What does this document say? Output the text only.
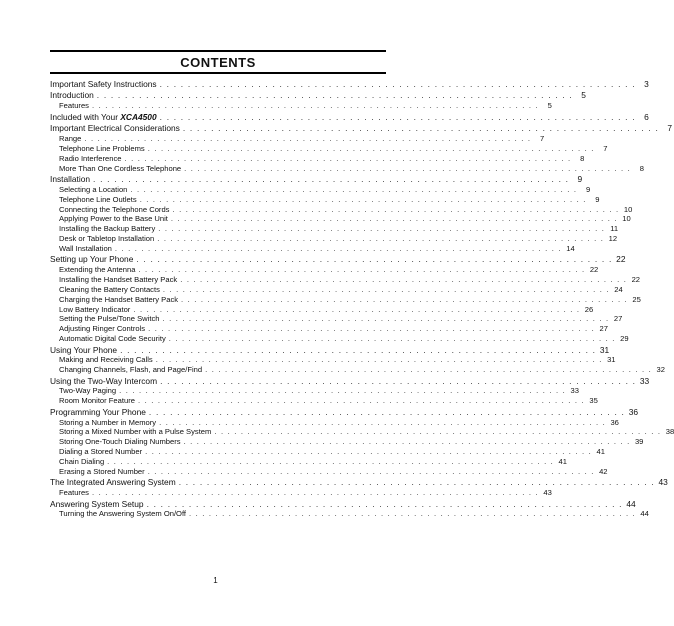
CONTENTS
Important Safety Instructions . . . . . . . . . . . . . . . . . . . . . . . . . . . . . . . . . . . . . . . . . . . . . . . . . . . . . . . . . . . . . . . . . . . . 3
Introduction . . . . . . . . . . . . . . . . . . . . . . . . . . . . . . . . . . . . . . . . . . . . . . . . . . . . . . . . . . . . . . . . . . . . 5
Features . . . . . . . . . . . . . . . . . . . . . . . . . . . . . . . . . . . . . . . . . . . . . . . . . . . . . . . . . . . . . . . . . . . .	5
Included with Your XCA4500 . . . . . . . . . . . . . . . . . . . . . . . . . . . . . . . . . . . . . . . . . . . . . . . . . . . . . . . . . . . . . . . . . . . . 6
Important Electrical Considerations . . . . . . . . . . . . . . . . . . . . . . . . . . . . . . . . . . . . . . . . . . . . . . . . . . . . . . . . . . . . . . . . . . . . 7
Range . . . . . . . . . . . . . . . . . . . . . . . . . . . . . . . . . . . . . . . . . . . . . . . . . . . . . . . . . . . . . . . . . . . .	7
Telephone Line Problems . . . . . . . . . . . . . . . . . . . . . . . . . . . . . . . . . . . . . . . . . . . . . . . . . . . . . . . . . . . . . . . . . . . .	7
Radio Interference . . . . . . . . . . . . . . . . . . . . . . . . . . . . . . . . . . . . . . . . . . . . . . . . . . . . . . . . . . . . . . . . . . . .	8
More Than One Cordless Telephone . . . . . . . . . . . . . . . . . . . . . . . . . . . . . . . . . . . . . . . . . . . . . . . . . . . . . . . . . . . . . . . . . . . .	8
Installation . . . . . . . . . . . . . . . . . . . . . . . . . . . . . . . . . . . . . . . . . . . . . . . . . . . . . . . . . . . . . . . . . . . . 9
Selecting a Location . . . . . . . . . . . . . . . . . . . . . . . . . . . . . . . . . . . . . . . . . . . . . . . . . . . . . . . . . . . . . . . . . . . .	9
Telephone Line Outlets . . . . . . . . . . . . . . . . . . . . . . . . . . . . . . . . . . . . . . . . . . . . . . . . . . . . . . . . . . . . . . . . . . . .	9
Connecting the Telephone Cords . . . . . . . . . . . . . . . . . . . . . . . . . . . . . . . . . . . . . . . . . . . . . . . . . . . . . . . . . . . . . . . . . . . . 10
Applying Power to the Base Unit . . . . . . . . . . . . . . . . . . . . . . . . . . . . . . . . . . . . . . . . . . . . . . . . . . . . . . . . . . . . . . . . . . . . 10
Installing the Backup Battery . . . . . . . . . . . . . . . . . . . . . . . . . . . . . . . . . . . . . . . . . . . . . . . . . . . . . . . . . . . . . . . . . . . . 11
Desk or Tabletop Installation . . . . . . . . . . . . . . . . . . . . . . . . . . . . . . . . . . . . . . . . . . . . . . . . . . . . . . . . . . . . . . . . . . . . 12
Wall Installation . . . . . . . . . . . . . . . . . . . . . . . . . . . . . . . . . . . . . . . . . . . . . . . . . . . . . . . . . . . . . . . . . . . . 14
Setting up Your Phone . . . . . . . . . . . . . . . . . . . . . . . . . . . . . . . . . . . . . . . . . . . . . . . . . . . . . . . . . . . . . . . . . . . . 22
Extending the Antenna . . . . . . . . . . . . . . . . . . . . . . . . . . . . . . . . . . . . . . . . . . . . . . . . . . . . . . . . . . . . . . . . . . . . 22
Installing the Handset Battery Pack . . . . . . . . . . . . . . . . . . . . . . . . . . . . . . . . . . . . . . . . . . . . . . . . . . . . . . . . . . . . . . . . . . . . 22
Cleaning the Battery Contacts . . . . . . . . . . . . . . . . . . . . . . . . . . . . . . . . . . . . . . . . . . . . . . . . . . . . . . . . . . . . . . . . . . . . 24
Charging the Handset Battery Pack . . . . . . . . . . . . . . . . . . . . . . . . . . . . . . . . . . . . . . . . . . . . . . . . . . . . . . . . . . . . . . . . . . . . 25
Low Battery Indicator . . . . . . . . . . . . . . . . . . . . . . . . . . . . . . . . . . . . . . . . . . . . . . . . . . . . . . . . . . . . . . . . . . . . 26
Setting the Pulse/Tone Switch . . . . . . . . . . . . . . . . . . . . . . . . . . . . . . . . . . . . . . . . . . . . . . . . . . . . . . . . . . . . . . . . . . . . 27
Adjusting Ringer Controls . . . . . . . . . . . . . . . . . . . . . . . . . . . . . . . . . . . . . . . . . . . . . . . . . . . . . . . . . . . . . . . . . . . . 27
Automatic Digital Code Security . . . . . . . . . . . . . . . . . . . . . . . . . . . . . . . . . . . . . . . . . . . . . . . . . . . . . . . . . . . . . . . . . . . . 29
Using Your Phone . . . . . . . . . . . . . . . . . . . . . . . . . . . . . . . . . . . . . . . . . . . . . . . . . . . . . . . . . . . . . . . . . . . . 31
Making and Receiving Calls . . . . . . . . . . . . . . . . . . . . . . . . . . . . . . . . . . . . . . . . . . . . . . . . . . . . . . . . . . . . . . . . . . . . 31
Changing Channels, Flash, and Page/Find . . . . . . . . . . . . . . . . . . . . . . . . . . . . . . . . . . . . . . . . . . . . . . . . . . . . . . . . . . . . . . . . . . . . 32
Using the Two-Way Intercom . . . . . . . . . . . . . . . . . . . . . . . . . . . . . . . . . . . . . . . . . . . . . . . . . . . . . . . . . . . . . . . . . . . . 33
Two-Way Paging . . . . . . . . . . . . . . . . . . . . . . . . . . . . . . . . . . . . . . . . . . . . . . . . . . . . . . . . . . . . . . . . . . . . 33
Room Monitor Feature . . . . . . . . . . . . . . . . . . . . . . . . . . . . . . . . . . . . . . . . . . . . . . . . . . . . . . . . . . . . . . . . . . . . 35
Programming Your Phone . . . . . . . . . . . . . . . . . . . . . . . . . . . . . . . . . . . . . . . . . . . . . . . . . . . . . . . . . . . . . . . . . . . . 36
Storing a Number in Memory . . . . . . . . . . . . . . . . . . . . . . . . . . . . . . . . . . . . . . . . . . . . . . . . . . . . . . . . . . . . . . . . . . . . 36
Storing a Mixed Number with a Pulse System . . . . . . . . . . . . . . . . . . . . . . . . . . . . . . . . . . . . . . . . . . . . . . . . . . . . . . . . . . . . . . . . . . . . 38
Storing One-Touch Dialing Numbers . . . . . . . . . . . . . . . . . . . . . . . . . . . . . . . . . . . . . . . . . . . . . . . . . . . . . . . . . . . . . . . . . . . . 39
Dialing a Stored Number . . . . . . . . . . . . . . . . . . . . . . . . . . . . . . . . . . . . . . . . . . . . . . . . . . . . . . . . . . . . . . . . . . . . 41
Chain Dialing . . . . . . . . . . . . . . . . . . . . . . . . . . . . . . . . . . . . . . . . . . . . . . . . . . . . . . . . . . . . . . . . . . . . 41
Erasing a Stored Number . . . . . . . . . . . . . . . . . . . . . . . . . . . . . . . . . . . . . . . . . . . . . . . . . . . . . . . . . . . . . . . . . . . . 42
The Integrated Answering System . . . . . . . . . . . . . . . . . . . . . . . . . . . . . . . . . . . . . . . . . . . . . . . . . . . . . . . . . . . . . . . . . . . . 43
Features . . . . . . . . . . . . . . . . . . . . . . . . . . . . . . . . . . . . . . . . . . . . . . . . . . . . . . . . . . . . . . . . . . . . 43
Answering System Setup . . . . . . . . . . . . . . . . . . . . . . . . . . . . . . . . . . . . . . . . . . . . . . . . . . . . . . . . . . . . . . . . . . . . 44
Turning the Answering System On/Off . . . . . . . . . . . . . . . . . . . . . . . . . . . . . . . . . . . . . . . . . . . . . . . . . . . . . . . . . . . . . . . . . . . . 44
1
